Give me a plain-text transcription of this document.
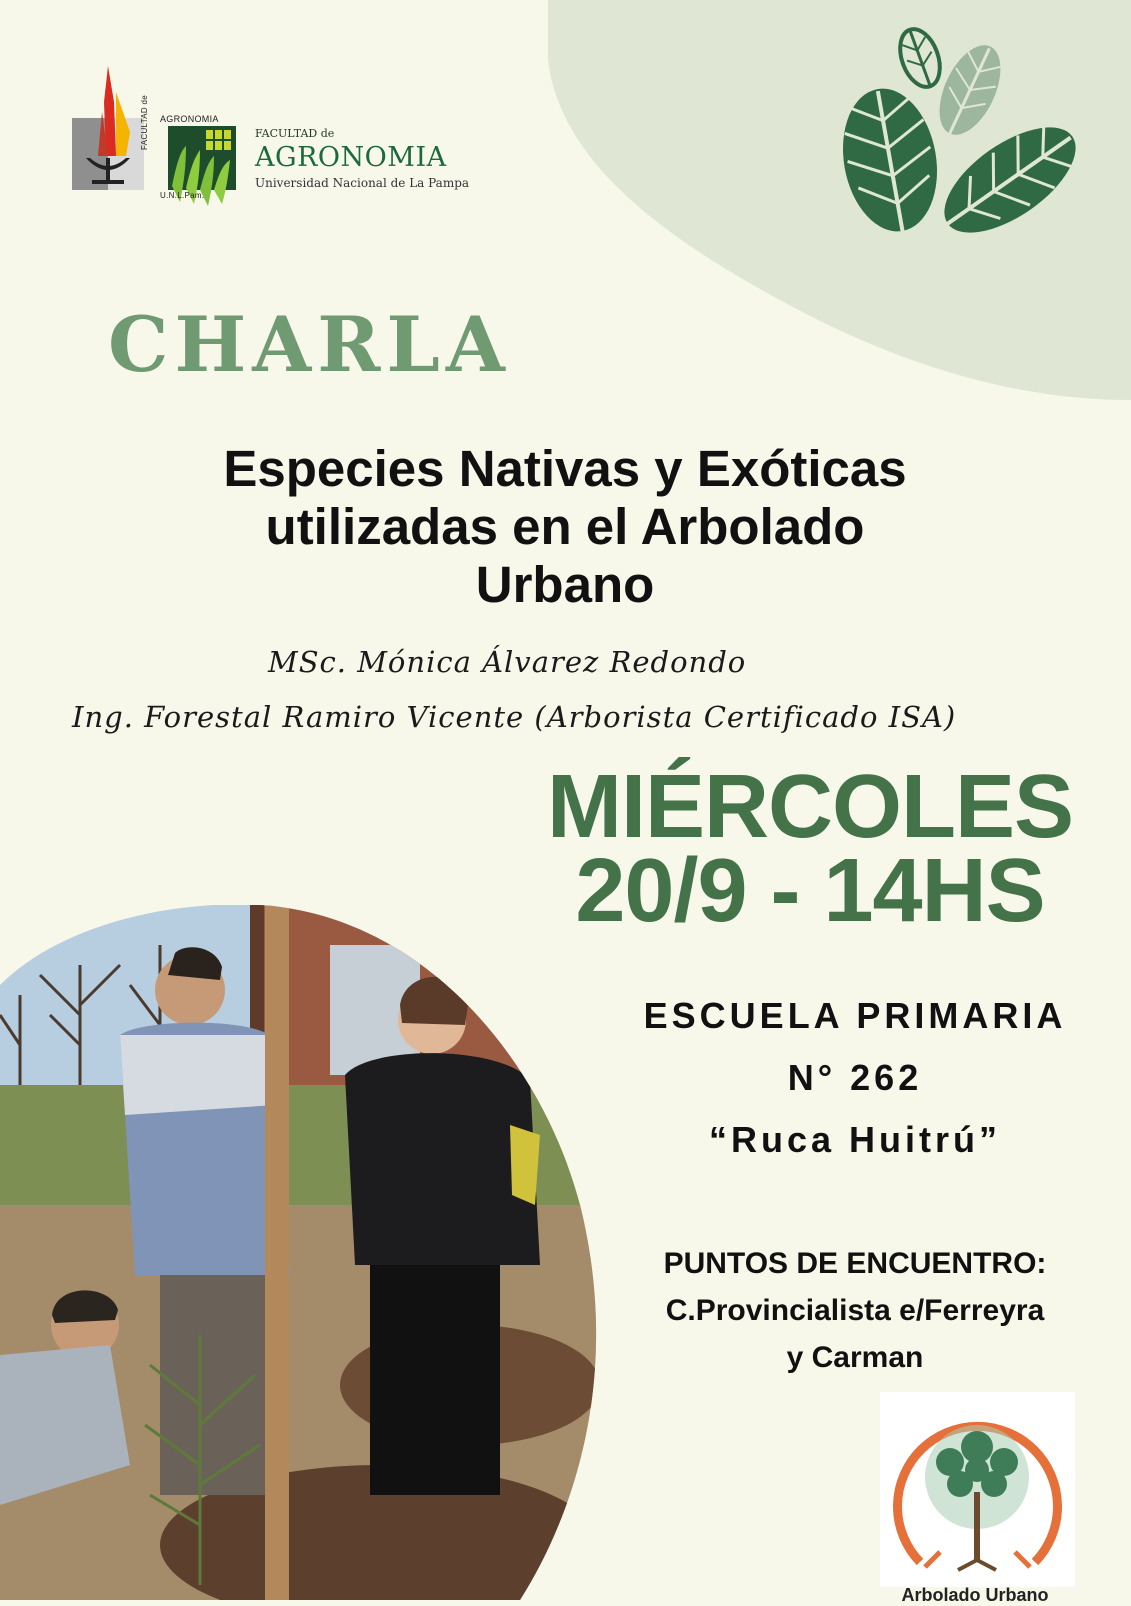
AGRONOMIA
FACULTAD de
U.N.L.Pam.
FACULTAD de
AGRONOMIA
Universidad Nacional de La Pampa
CHARLA
Especies Nativas y Exóticas
utilizadas en el Arbolado
Urbano
MSc. Mónica Álvarez Redondo
Ing. Forestal Ramiro Vicente (Arborista Certificado ISA)
MIÉRCOLES
20/9 - 14HS
ESCUELA PRIMARIA
N° 262
“Ruca Huitrú”
PUNTOS DE ENCUENTRO:
C.Provincialista e/Ferreyra
y Carman
Arbolado Urbano
